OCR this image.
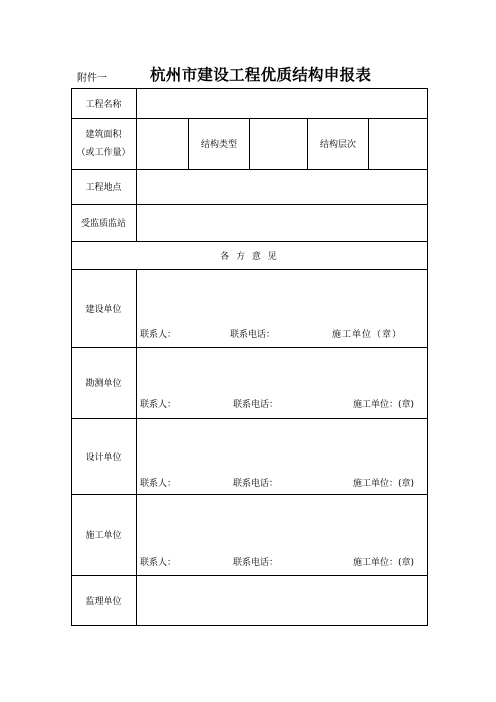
附件一	杭州市建设工程优质结构申报表
工程名称
建筑面积
（或工作量）
结构类型	结构层次
工程地点
受监质监站
各 方 意 见
建设单位
联系人：	联系电话：	施工单位（章）
勘测单位
联系人：	联系电话：	施工单位：(章)
设计单位
联系人：	联系电话：	施工单位：(章)
施工单位
联系人：	联系电话：	施工单位：(章)
监理单位
